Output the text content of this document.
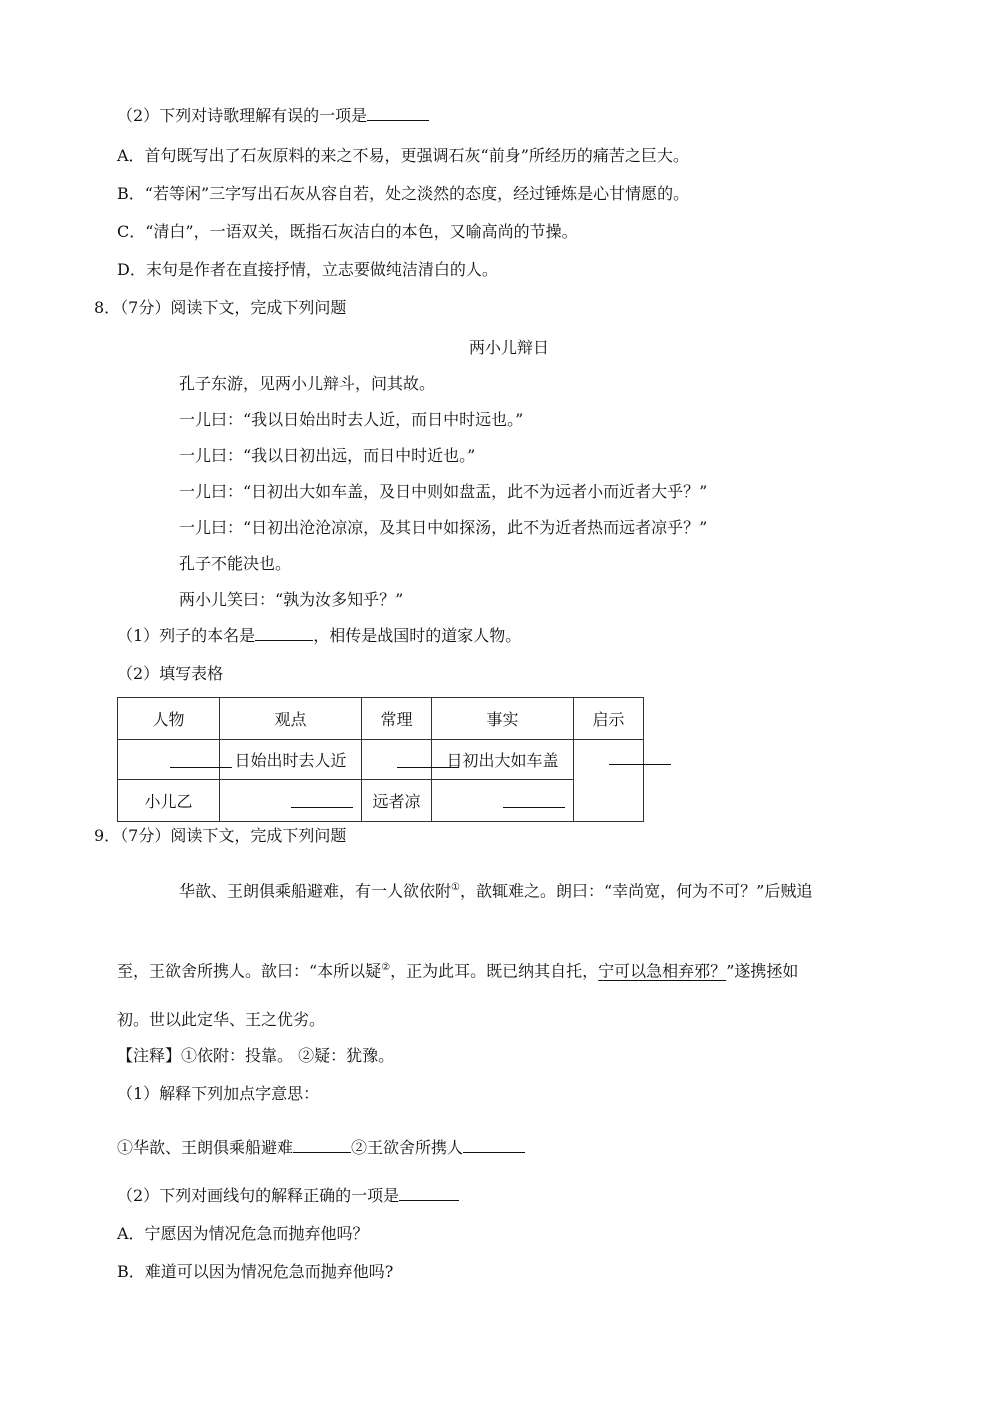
（2）下列对诗歌理解有误的一项是
A．首句既写出了石灰原料的来之不易，更强调石灰“前身”所经历的痛苦之巨大。
B．“若等闲”三字写出石灰从容自若，处之淡然的态度，经过锤炼是心甘情愿的。
C．“清白”，一语双关，既指石灰洁白的本色，又喻高尚的节操。
D．末句是作者在直接抒情，立志要做纯洁清白的人。
8．（7分）阅读下文，完成下列问题
两小儿辩日
孔子东游，见两小儿辩斗，问其故。
一儿曰：“我以日始出时去人近，而日中时远也。”
一儿曰：“我以日初出远，而日中时近也。”
一儿曰：“日初出大如车盖，及日中则如盘盂，此不为远者小而近者大乎？”
一儿曰：“日初出沧沧凉凉，及其日中如探汤，此不为近者热而远者凉乎？”
孔子不能决也。
两小儿笑曰：“孰为汝多知乎？”
（1）列子的本名是	，相传是战国时的道家人物。
（2）填写表格
人物	观点	常理	事实	启示

	日始出时去人近		日初出大如车盖	

小儿乙		远者凉		
9．（7分）阅读下文，完成下列问题
华歆、王朗俱乘船避难，有一人欲依附①，歆辄难之。朗曰：“幸尚宽，何为不可？”后贼追
至，王欲舍所携人。歆曰：“本所以疑②，正为此耳。既已纳其自托，宁可以急相弃邪？”遂携拯如
初。世以此定华、王之优劣。
【注释】①依附：投靠。 ②疑：犹豫。
（1）解释下列加点字意思：
①华歆、王朗俱乘船避难	②王欲舍所携人
（2）下列对画线句的解释正确的一项是
A．宁愿因为情况危急而抛弃他吗？
B．难道可以因为情况危急而抛弃他吗?
